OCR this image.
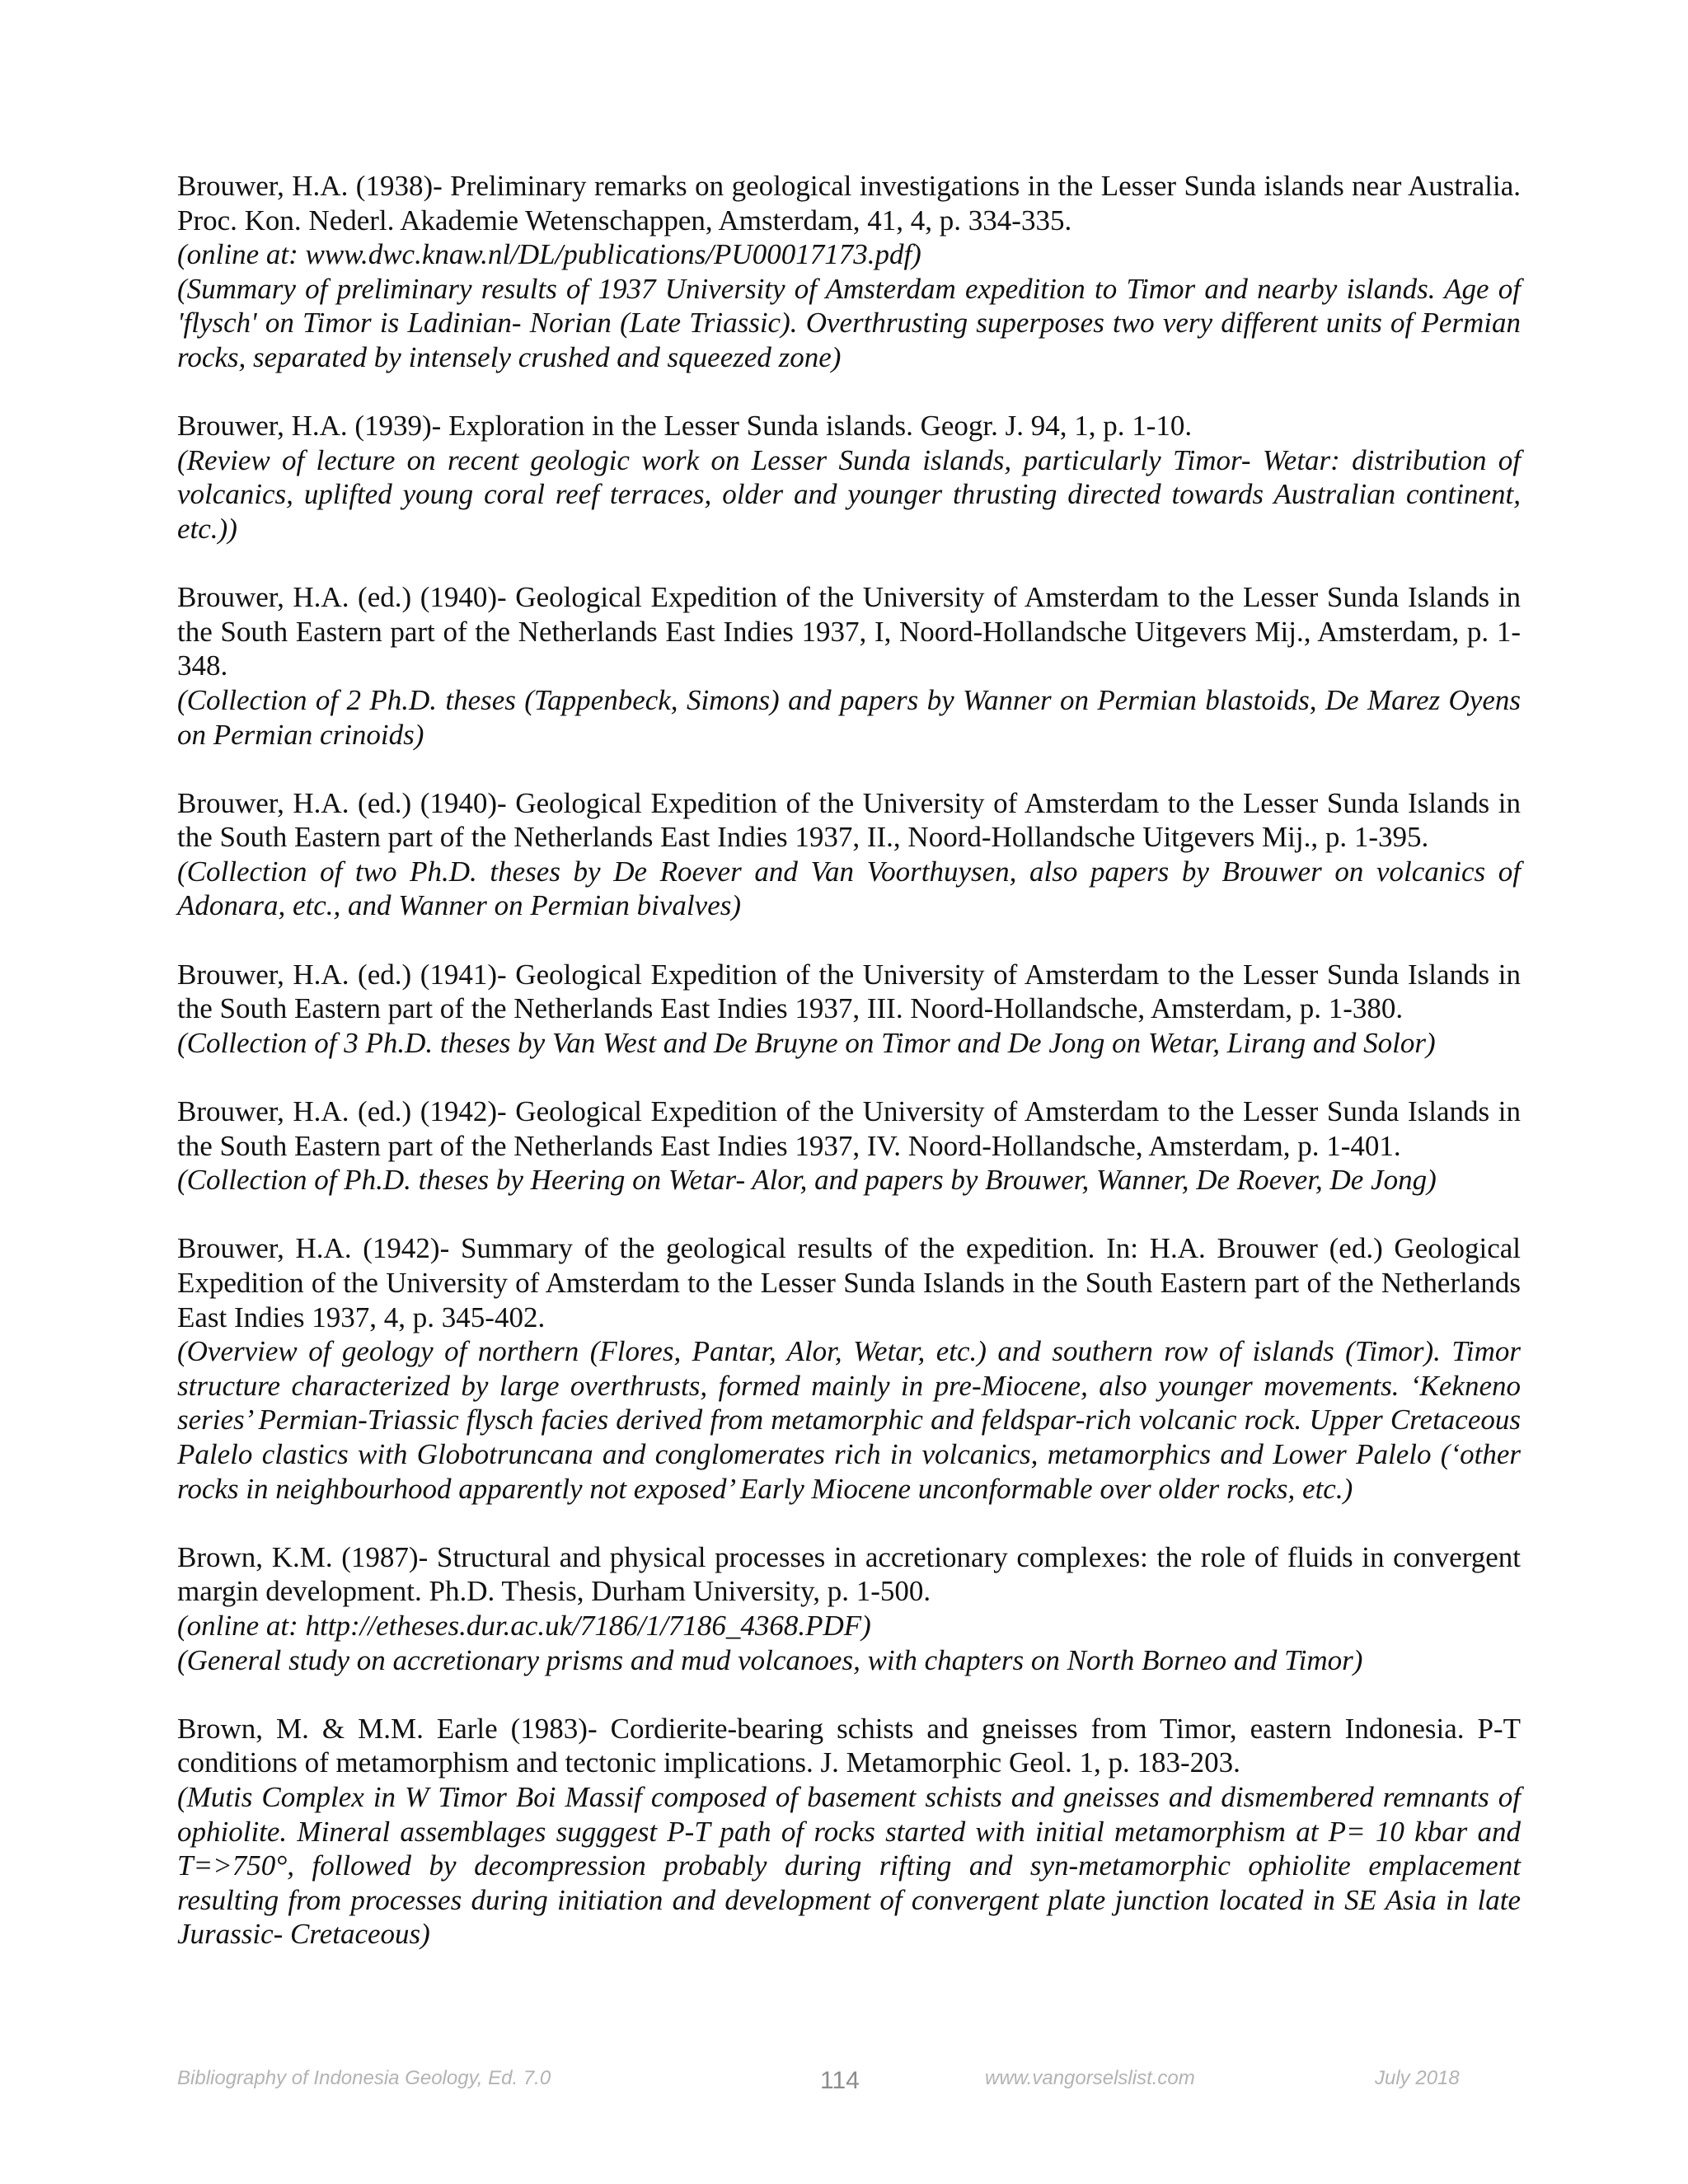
Brouwer, H.A. (1938)- Preliminary remarks on geological investigations in the Lesser Sunda islands near Australia. Proc. Kon. Nederl. Akademie Wetenschappen, Amsterdam, 41, 4, p. 334-335.

(online at: www.dwc.knaw.nl/DL/publications/PU00017173.pdf)

(Summary of preliminary results of 1937 University of Amsterdam expedition to Timor and nearby islands. Age of 'flysch' on Timor is Ladinian- Norian (Late Triassic). Overthrusting superposes two very different units of Permian rocks, separated by intensely crushed and squeezed zone)

Brouwer, H.A. (1939)- Exploration in the Lesser Sunda islands. Geogr. J. 94, 1, p. 1-10.

(Review of lecture on recent geologic work on Lesser Sunda islands, particularly Timor- Wetar: distribution of volcanics, uplifted young coral reef terraces, older and younger thrusting directed towards Australian continent, etc.))

Brouwer, H.A. (ed.) (1940)- Geological Expedition of the University of Amsterdam to the Lesser Sunda Islands in the South Eastern part of the Netherlands East Indies 1937, I, Noord-Hollandsche Uitgevers Mij., Amsterdam, p. 1-348.

(Collection of 2 Ph.D. theses (Tappenbeck, Simons) and papers by Wanner on Permian blastoids, De Marez Oyens on Permian crinoids)

Brouwer, H.A. (ed.) (1940)- Geological Expedition of the University of Amsterdam to the Lesser Sunda Islands in the South Eastern part of the Netherlands East Indies 1937, II., Noord-Hollandsche Uitgevers Mij., p. 1-395.

(Collection of two Ph.D. theses by De Roever and Van Voorthuysen, also papers by Brouwer on volcanics of Adonara, etc., and Wanner on Permian bivalves)

Brouwer, H.A. (ed.) (1941)- Geological Expedition of the University of Amsterdam to the Lesser Sunda Islands in the South Eastern part of the Netherlands East Indies 1937, III. Noord-Hollandsche, Amsterdam, p. 1-380.

(Collection of 3 Ph.D. theses by Van West and De Bruyne on Timor and De Jong on Wetar, Lirang and Solor)

Brouwer, H.A. (ed.) (1942)- Geological Expedition of the University of Amsterdam to the Lesser Sunda Islands in the South Eastern part of the Netherlands East Indies 1937, IV. Noord-Hollandsche, Amsterdam, p. 1-401.

(Collection of Ph.D. theses by Heering on Wetar- Alor, and papers by Brouwer, Wanner, De Roever, De Jong)

Brouwer, H.A. (1942)- Summary of the geological results of the expedition. In: H.A. Brouwer (ed.) Geological Expedition of the University of Amsterdam to the Lesser Sunda Islands in the South Eastern part of the Netherlands East Indies 1937, 4, p. 345-402.

(Overview of geology of northern (Flores, Pantar, Alor, Wetar, etc.) and southern row of islands (Timor). Timor structure characterized by large overthrusts, formed mainly in pre-Miocene, also younger movements. ‘Kekneno series’ Permian-Triassic flysch facies derived from metamorphic and feldspar-rich volcanic rock. Upper Cretaceous Palelo clastics with Globotruncana and conglomerates rich in volcanics, metamorphics and Lower Palelo (‘other rocks in neighbourhood apparently not exposed’ Early Miocene unconformable over older rocks, etc.)

Brown, K.M. (1987)- Structural and physical processes in accretionary complexes: the role of fluids in convergent margin development. Ph.D. Thesis, Durham University, p. 1-500.

(online at: http://etheses.dur.ac.uk/7186/1/7186_4368.PDF)

(General study on accretionary prisms and mud volcanoes, with chapters on North Borneo and Timor)

Brown, M. & M.M. Earle (1983)- Cordierite-bearing schists and gneisses from Timor, eastern Indonesia. P-T conditions of metamorphism and tectonic implications. J. Metamorphic Geol. 1, p. 183-203.

(Mutis Complex in W Timor Boi Massif composed of basement schists and gneisses and dismembered remnants of ophiolite. Mineral assemblages sugggest P-T path of rocks started with initial metamorphism at P= 10 kbar and T=>750°, followed by decompression probably during rifting and syn-metamorphic ophiolite emplacement resulting from processes during initiation and development of convergent plate junction located in SE Asia in late Jurassic- Cretaceous)

Bibliography of Indonesia Geology, Ed. 7.0	114	www.vangorselslist.com	July 2018
